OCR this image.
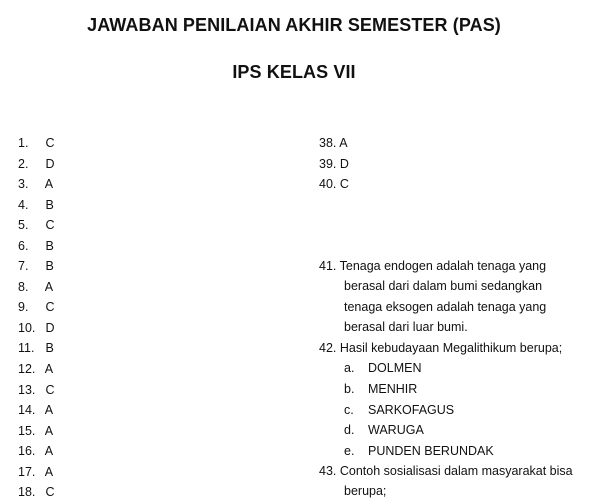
JAWABAN PENILAIAN AKHIR SEMESTER (PAS)
IPS KELAS VII
1. C
2. D
3. A
4. B
5. C
6. B
7. B
8. A
9. C
10. D
11. B
12. A
13. C
14. A
15. A
16. A
17. A
18. C
38. A
39. D
40. C
41. Tenaga endogen adalah tenaga yang
berasal dari dalam bumi sedangkan
tenaga eksogen adalah tenaga yang
berasal dari luar bumi.
42. Hasil kebudayaan Megalithikum berupa;
a. DOLMEN
b. MENHIR
c. SARKOFAGUS
d. WARUGA
e. PUNDEN BERUNDAK
43. Contoh sosialisasi dalam masyarakat bisa
berupa;
